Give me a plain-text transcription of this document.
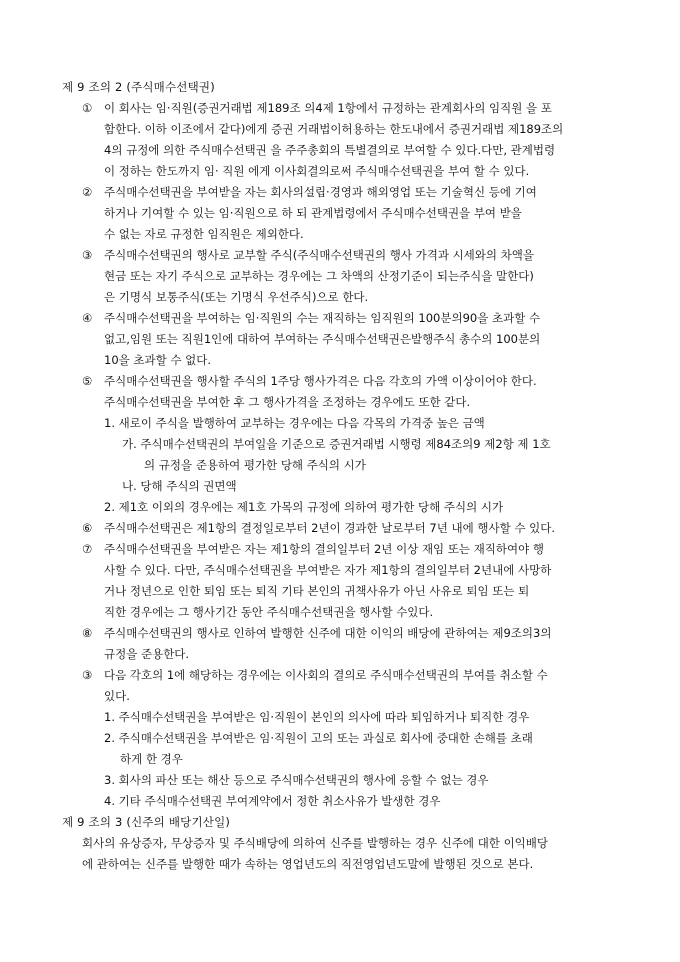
제 9 조의 2 (주식매수선택권)
① 이 회사는 임·직원(증권거래법 제189조 의4제 1항에서 규정하는 관계회사의 임직원 을 포
함한다. 이하 이조에서 같다)에게 증권 거래법이허용하는 한도내에서 증권거래법 제189조의
4의 규정에 의한 주식매수선택권 을 주주총회의 특별결의로 부여할 수 있다.다만, 관계법령
이 정하는 한도까지 임· 직원 에게 이사회결의로써 주식매수선택권을 부여 할 수 있다.
② 주식매수선택권을 부여받을 자는 회사의설립·경영과 해외영업 또는 기술혁신 등에 기여
하거나 기여할 수 있는 임·직원으로 하 되 관계법령에서 주식매수선택권을 부여 받을
수 없는 자로 규정한 임직원은 제외한다.
③ 주식매수선택권의 행사로 교부할 주식(주식매수선택권의 행사 가격과 시세와의 차액을
현금 또는 자기 주식으로 교부하는 경우에는 그 차액의 산정기준이 되는주식을 말한다)
은 기명식 보통주식(또는 기명식 우선주식)으로 한다.
④ 주식매수선택권을 부여하는 임·직원의 수는 재직하는 임직원의 100분의90을 초과할 수
없고,임원 또는 직원1인에 대하여 부여하는 주식매수선택권은발행주식 총수의 100분의
10을 초과할 수 없다.
⑤ 주식매수선택권을 행사할 주식의 1주당 행사가격은 다음 각호의 가액 이상이어야 한다.
주식매수선택권을 부여한 후 그 행사가격을 조정하는 경우에도 또한 같다.
1. 새로이 주식을 발행하여 교부하는 경우에는 다음 각목의 가격중 높은 금액
가. 주식매수선택권의 부여일을 기준으로 증권거래법 시행령 제84조의9 제2항 제 1호
의 규정을 준용하여 평가한 당해 주식의 시가
나. 당해 주식의 권면액
2. 제1호 이외의 경우에는 제1호 가목의 규정에 의하여 평가한 당해 주식의 시가
⑥ 주식매수선택권은 제1항의 결정일로부터 2년이 경과한 날로부터 7년 내에 행사할 수 있다.
⑦ 주식매수선택권을 부여받은 자는 제1항의 결의일부터 2년 이상 재임 또는 재직하여야 행
사할 수 있다. 다만, 주식매수선택권을 부여받은 자가 제1항의 결의일부터 2년내에 사망하
거나 정년으로 인한 퇴임 또는 퇴직 기타 본인의 귀책사유가 아닌 사유로 퇴임 또는 퇴
직한 경우에는 그 행사기간 동안 주식매수선택권을 행사할 수있다.
⑧ 주식매수선택권의 행사로 인하여 발행한 신주에 대한 이익의 배당에 관하여는 제9조의3의
규정을 준용한다.
③ 다음 각호의 1에 해당하는 경우에는 이사회의 결의로 주식매수선택권의 부여를 취소할 수
있다.
1. 주식매수선택권을 부여받은 임·직원이 본인의 의사에 따라 퇴임하거나 퇴직한 경우
2. 주식매수선택권을 부여받은 임·직원이 고의 또는 과실로 회사에 중대한 손해를 초래
하게 한 경우
3. 회사의 파산 또는 해산 등으로 주식매수선택권의 행사에 응할 수 없는 경우
4. 기타 주식매수선택권 부여계약에서 정한 취소사유가 발생한 경우
제 9 조의 3 (신주의 배당기산일)
회사의 유상증자, 무상증자 및 주식배당에 의하여 신주를 발행하는 경우 신주에 대한 이익배당
에 관하여는 신주를 발행한 때가 속하는 영업년도의 직전영업년도말에 발행된 것으로 본다.
